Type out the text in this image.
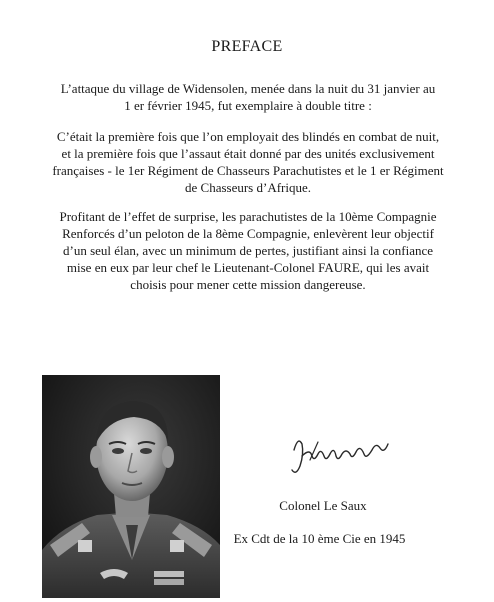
PREFACE
L’attaque du village de Widensolen, menée dans la nuit du 31 janvier au
1 er février 1945, fut exemplaire à double titre :
C’était la première fois que l’on employait des blindés en combat de nuit,
et la première fois que l’assaut était donné par des unités exclusivement
françaises - le 1er Régiment de Chasseurs Parachutistes et le 1 er Régiment
de Chasseurs d’Afrique.
Profitant de l’effet de surprise, les parachutistes de la 10ème Compagnie
Renforcés d’un peloton de la 8ème Compagnie, enlevèrent leur objectif
d’un seul élan, avec un minimum de pertes, justifiant ainsi la confiance
mise en eux par leur chef le Lieutenant-Colonel FAURE, qui les avait
choisis pour mener cette mission dangereuse.
Colonel Le Saux
Ex Cdt de la 10 ème Cie en 1945
